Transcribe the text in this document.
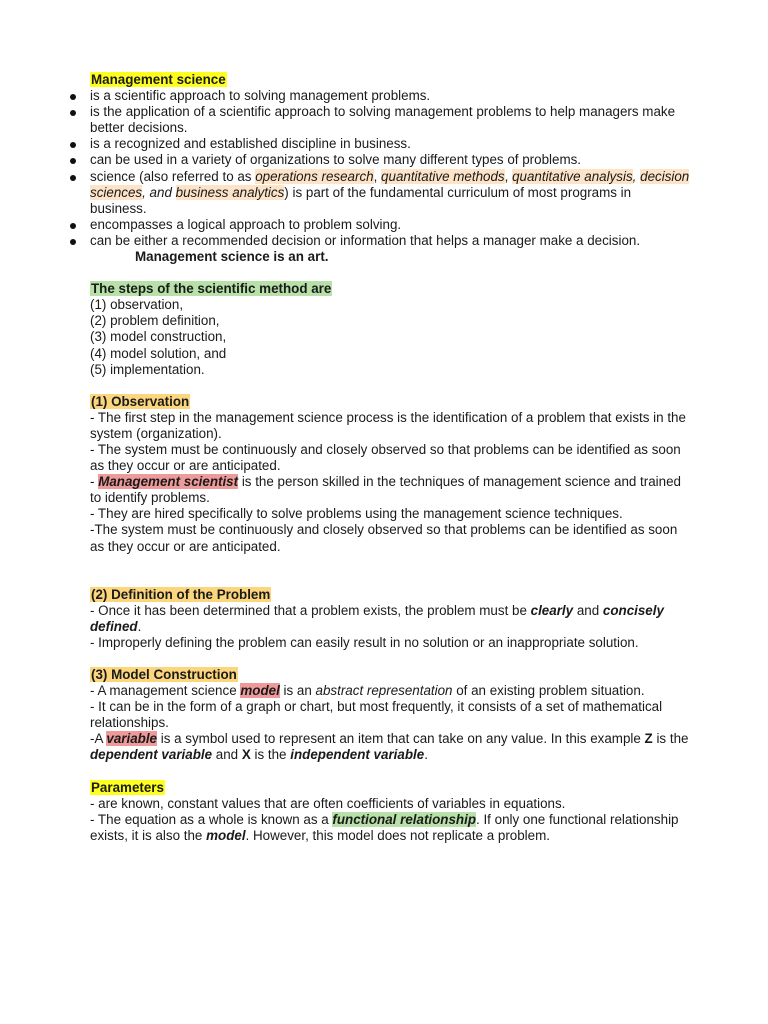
Management science
is a scientific approach to solving management problems.
is the application of a scientific approach to solving management problems to help managers make better decisions.
is a recognized and established discipline in business.
can be used in a variety of organizations to solve many different types of problems.
science (also referred to as operations research, quantitative methods, quantitative analysis, decision sciences, and business analytics) is part of the fundamental curriculum of most programs in business.
encompasses a logical approach to problem solving.
can be either a recommended decision or information that helps a manager make a decision.
Management science is an art.
The steps of the scientific method are
(1) observation,
(2) problem definition,
(3) model construction,
(4) model solution, and
(5) implementation.
(1) Observation
- The first step in the management science process is the identification of a problem that exists in the system (organization).
- The system must be continuously and closely observed so that problems can be identified as soon as they occur or are anticipated.
- Management scientist is the person skilled in the techniques of management science and trained to identify problems.
- They are hired specifically to solve problems using the management science techniques.
-The system must be continuously and closely observed so that problems can be identified as soon as they occur or are anticipated.
(2) Definition of the Problem
- Once it has been determined that a problem exists, the problem must be clearly and concisely defined.
- Improperly defining the problem can easily result in no solution or an inappropriate solution.
(3) Model Construction
- A management science model is an abstract representation of an existing problem situation.
- It can be in the form of a graph or chart, but most frequently, it consists of a set of mathematical relationships.
-A variable is a symbol used to represent an item that can take on any value. In this example Z is the dependent variable and X is the independent variable.
Parameters
- are known, constant values that are often coefficients of variables in equations.
- The equation as a whole is known as a functional relationship. If only one functional relationship exists, it is also the model. However, this model does not replicate a problem.
